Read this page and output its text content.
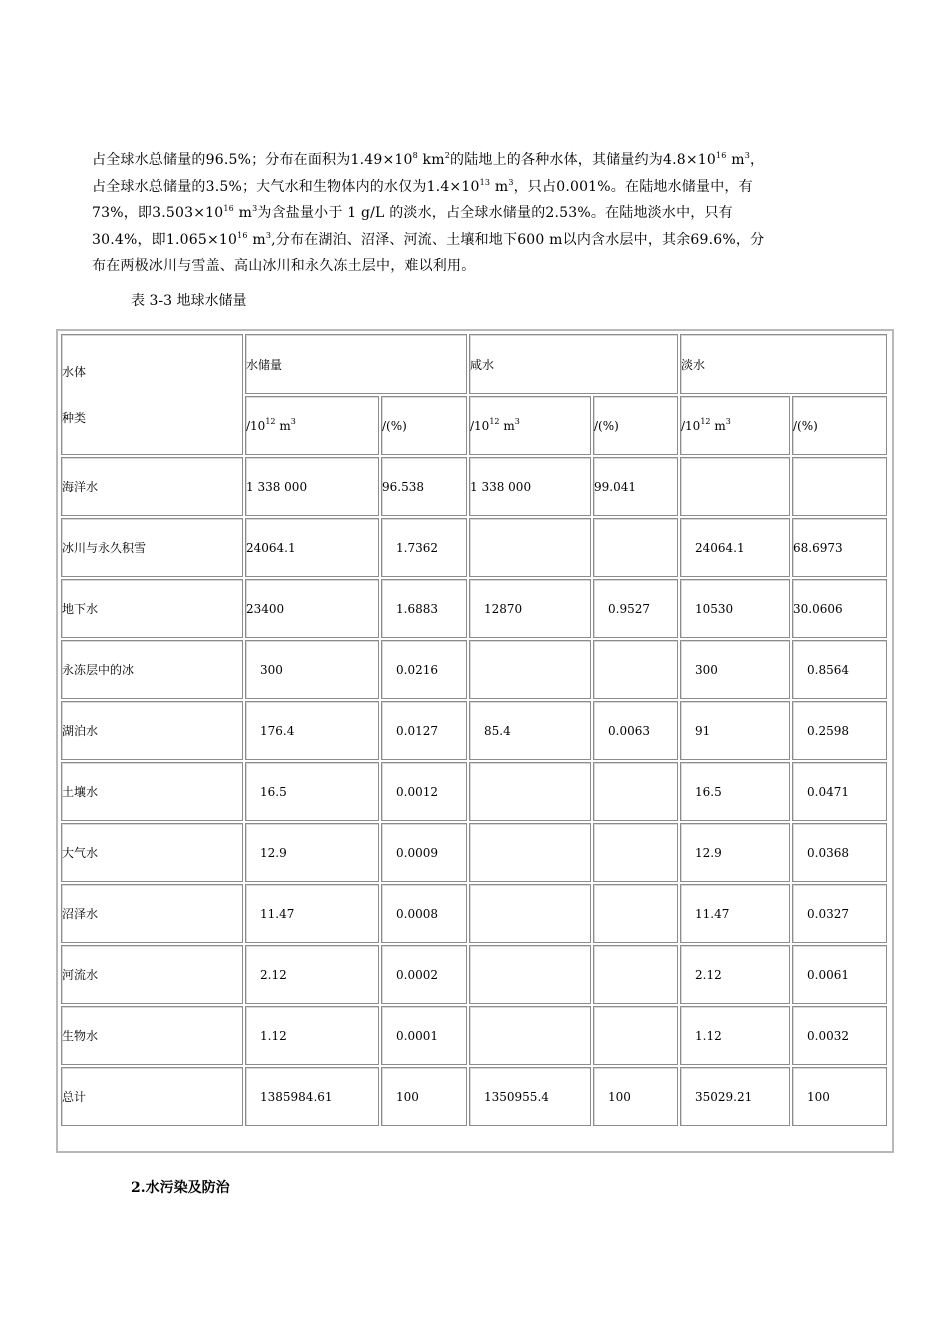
占全球水总储量的96.5%；分布在面积为$1.49\times 10^8$ $km^2$的陆地上的各种水体，其储量约为$4.8\times 10^{16}$ $m^3$，
占全球水总储量的3.5%；大气水和生物体内的水仅为$1.4\times 10^{13}$ $m^3$，只占0.001%。在陆地水储量中，有
73%，即$3.503\times 10^{16}$ $m^3$为含盐量小于 1 g/L 的淡水，占全球水储量的2.53%。在陆地淡水中，只有
30.4%，即$1.065\times 10^{16}$ $m^3$,分布在湖泊、沼泽、河流、土壤和地下600 m以内含水层中，其余69.6%，分
布在两极冰川与雪盖、高山冰川和永久冻土层中，难以利用。
表 3-3 地球水储量
水体
种类	水储量		咸水		淡水	
	$/10^{12}$ $m^3$	/(%)	$/10^{12}$ $m^3$	/(%)	$/10^{12}$ $m^3$	/(%)
海洋水	1 338 000	96.538	1 338 000	99.041		
冰川与永久积雪	24064.1	1.7362			24064.1	68.6973
地下水	23400	1.6883	12870	0.9527	10530	30.0606
永冻层中的冰	300	0.0216			300	0.8564
湖泊水	176.4	0.0127	85.4	0.0063	91	0.2598
土壤水	16.5	0.0012			16.5	0.0471
大气水	12.9	0.0009			12.9	0.0368
沼泽水	11.47	0.0008			11.47	0.0327
河流水	2.12	0.0002			2.12	0.0061
生物水	1.12	0.0001			1.12	0.0032
总计	1385984.61	100	1350955.4	100	35029.21	100
2.水污染及防治
